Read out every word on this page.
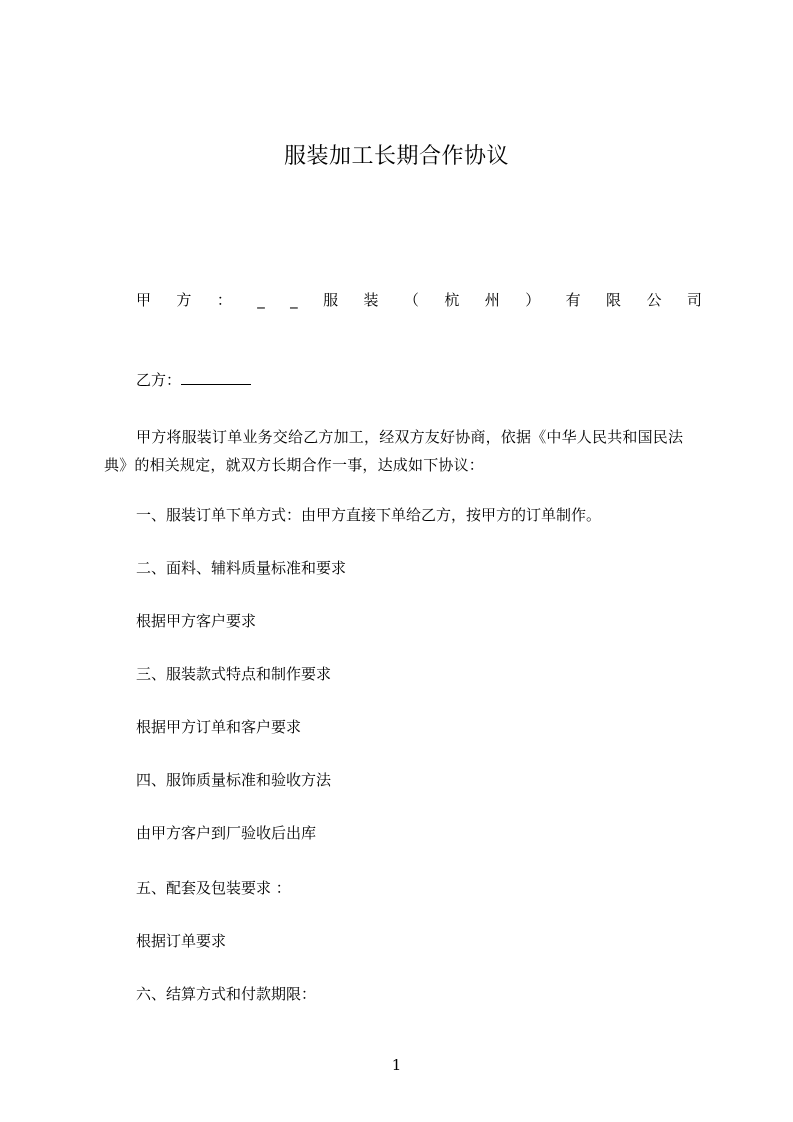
服装加工长期合作协议
甲 方 ： _ _ 服 装 （ 杭 州 ） 有 限 公 司

乙方：

甲方将服装订单业务交给乙方加工，经双方友好协商，依据《中华人民共和国民法典》的相关规定，就双方长期合作一事，达成如下协议：

一、服装订单下单方式：由甲方直接下单给乙方，按甲方的订单制作。

二、面料、辅料质量标准和要求

根据甲方客户要求

三、服装款式特点和制作要求

根据甲方订单和客户要求

四、服饰质量标准和验收方法

由甲方客户到厂验收后出库

五、配套及包装要求 ：

根据订单要求

六、结算方式和付款期限：

1
